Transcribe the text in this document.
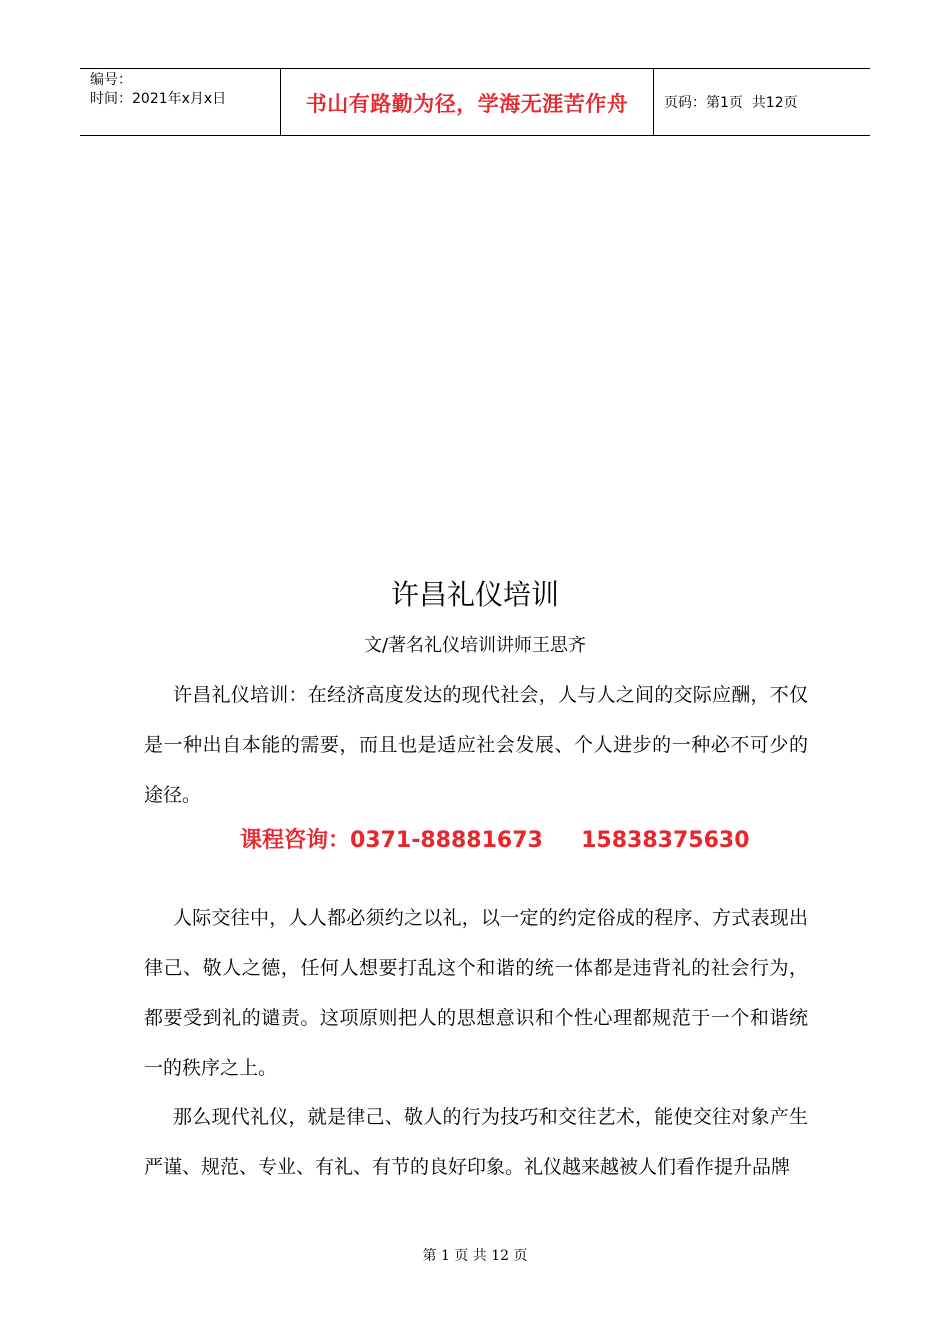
编号：
时间：2021年x月x日	书山有路勤为径，学海无涯苦作舟	页码：第1页  共12页
许昌礼仪培训
文/著名礼仪培训讲师王思齐

许昌礼仪培训：在经济高度发达的现代社会，人与人之间的交际应酬，不仅是一种出自本能的需要，而且也是适应社会发展、个人进步的一种必不可少的途径。

课程咨询：0371-88881673     15838375630

人际交往中，人人都必须约之以礼，以一定的约定俗成的程序、方式表现出律己、敬人之德，任何人想要打乱这个和谐的统一体都是违背礼的社会行为，都要受到礼的谴责。这项原则把人的思想意识和个性心理都规范于一个和谐统一的秩序之上。

那么现代礼仪，就是律己、敬人的行为技巧和交往艺术，能使交往对象产生严谨、规范、专业、有礼、有节的良好印象。礼仪越来越被人们看作提升品牌

第 1 页 共 12 页
